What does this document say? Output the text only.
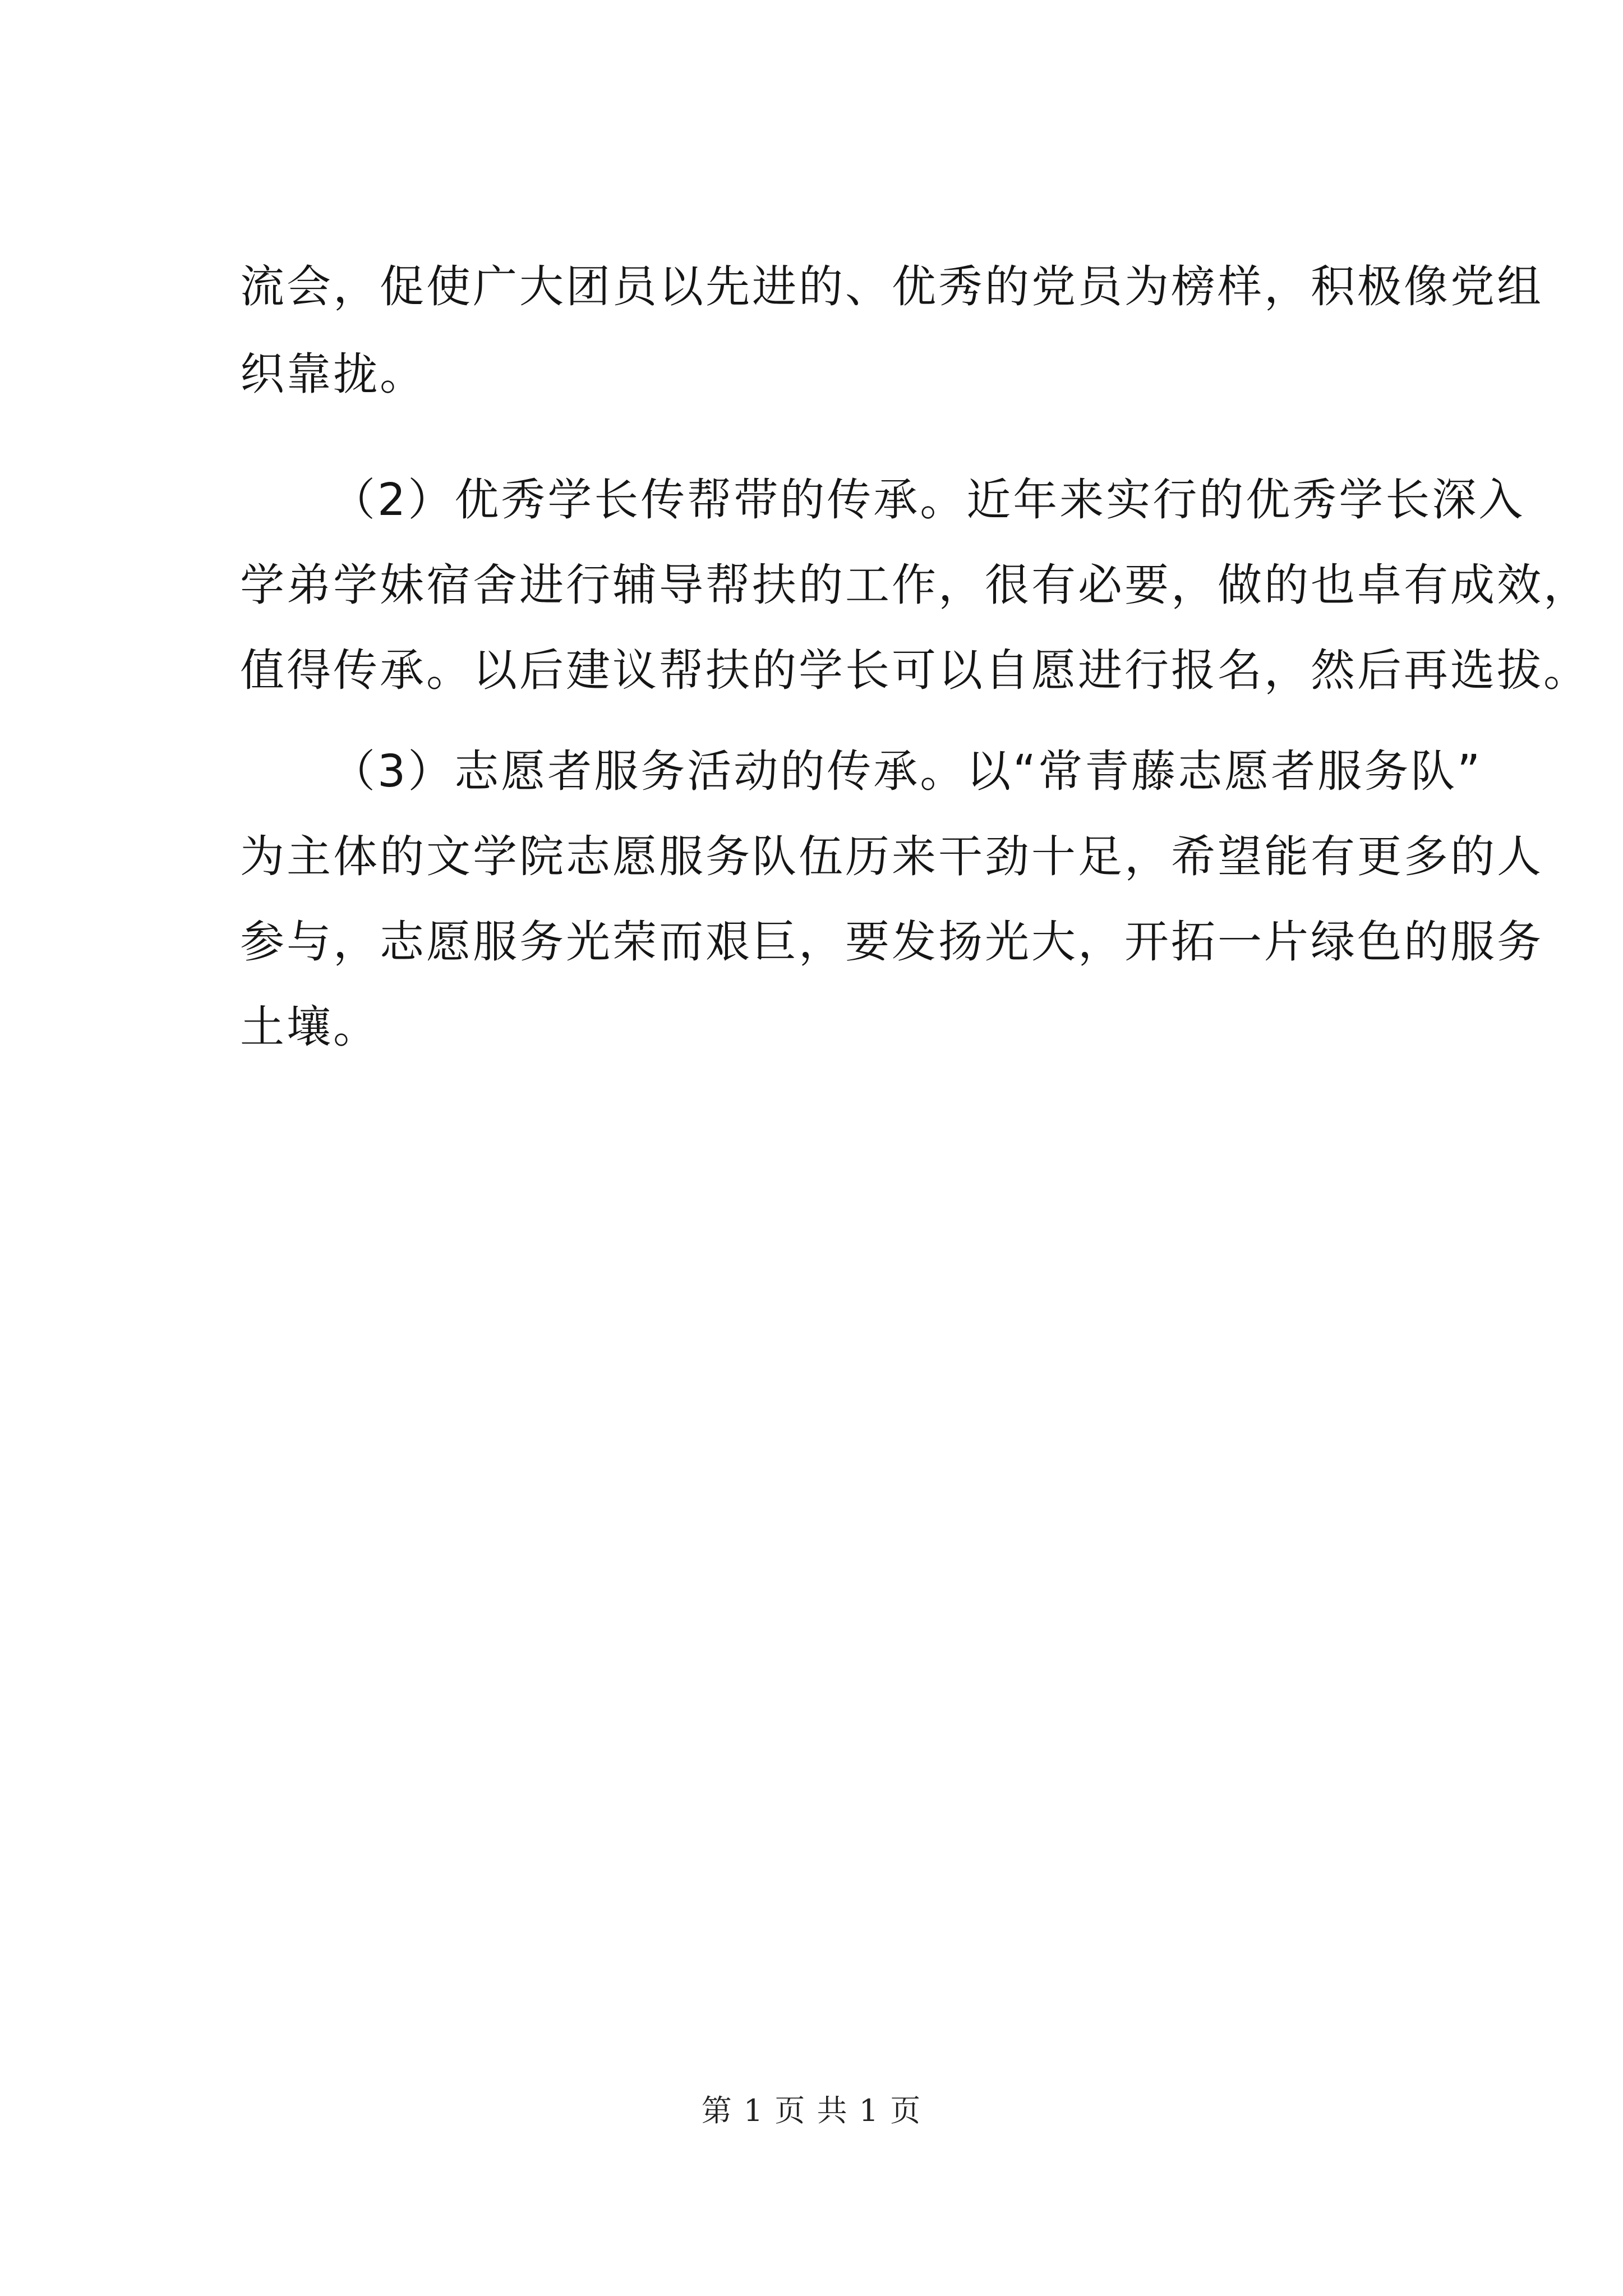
流会，促使广大团员以先进的、优秀的党员为榜样，积极像党组
织靠拢。
（2）优秀学长传帮带的传承。近年来实行的优秀学长深入
学弟学妹宿舍进行辅导帮扶的工作，很有必要，做的也卓有成效，
值得传承。以后建议帮扶的学长可以自愿进行报名，然后再选拔。
（3）志愿者服务活动的传承。以“常青藤志愿者服务队”
为主体的文学院志愿服务队伍历来干劲十足，希望能有更多的人
参与，志愿服务光荣而艰巨，要发扬光大，开拓一片绿色的服务
土壤。
第 1 页 共 1 页
